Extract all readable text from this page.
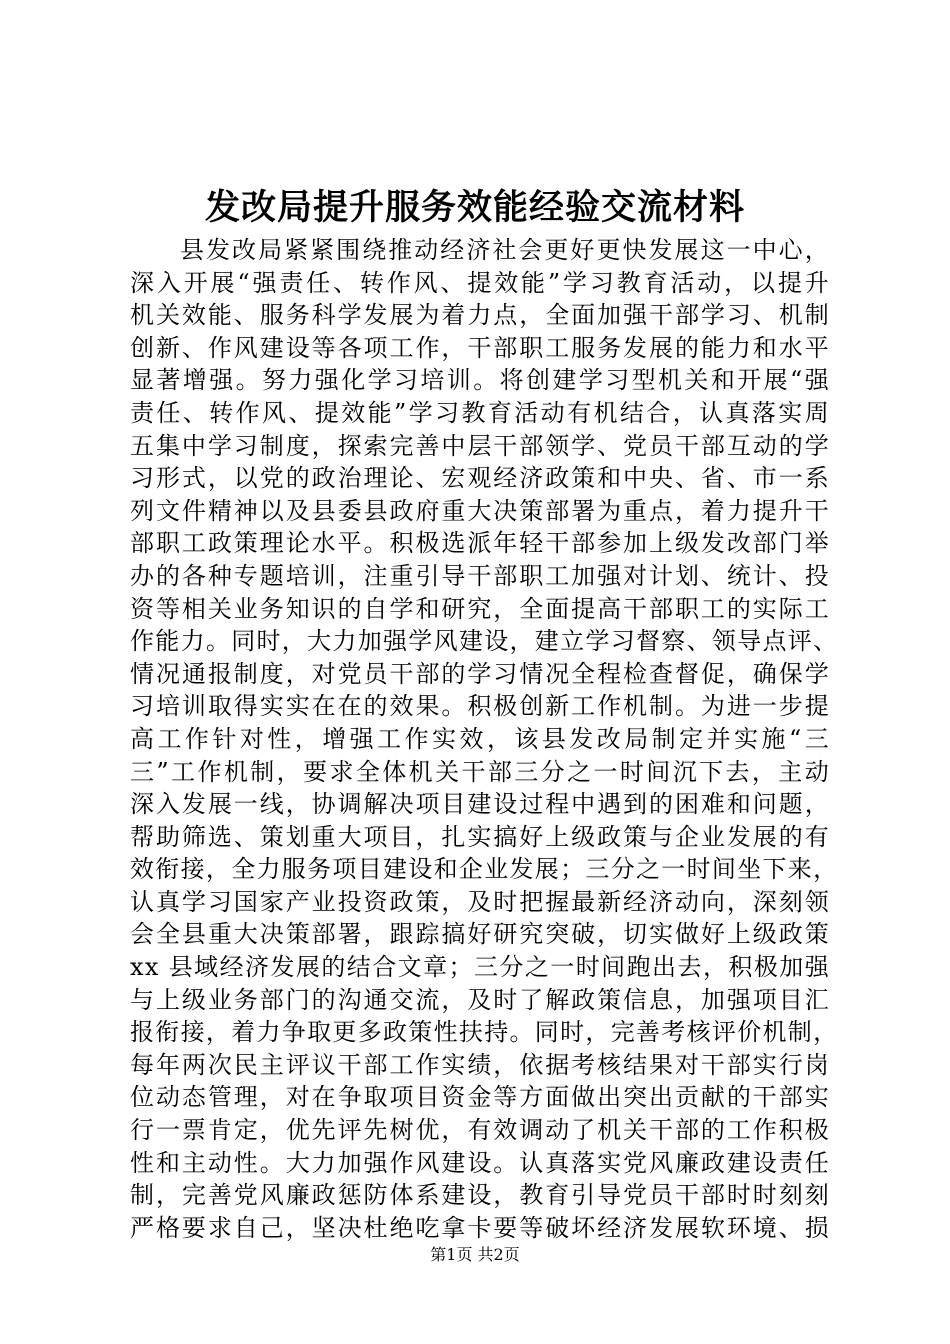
发改局提升服务效能经验交流材料
县发改局紧紧围绕推动经济社会更好更快发展这一中心，
深入开展“强责任、转作风、提效能”学习教育活动，以提升
机关效能、服务科学发展为着力点，全面加强干部学习、机制
创新、作风建设等各项工作，干部职工服务发展的能力和水平
显著增强。努力强化学习培训。将创建学习型机关和开展“强
责任、转作风、提效能”学习教育活动有机结合，认真落实周
五集中学习制度，探索完善中层干部领学、党员干部互动的学
习形式，以党的政治理论、宏观经济政策和中央、省、市一系
列文件精神以及县委县政府重大决策部署为重点，着力提升干
部职工政策理论水平。积极选派年轻干部参加上级发改部门举
办的各种专题培训，注重引导干部职工加强对计划、统计、投
资等相关业务知识的自学和研究，全面提高干部职工的实际工
作能力。同时，大力加强学风建设，建立学习督察、领导点评、
情况通报制度，对党员干部的学习情况全程检查督促，确保学
习培训取得实实在在的效果。积极创新工作机制。为进一步提
高工作针对性，增强工作实效，该县发改局制定并实施“三
三”工作机制，要求全体机关干部三分之一时间沉下去，主动
深入发展一线，协调解决项目建设过程中遇到的困难和问题，
帮助筛选、策划重大项目，扎实搞好上级政策与企业发展的有
效衔接，全力服务项目建设和企业发展；三分之一时间坐下来，
认真学习国家产业投资政策，及时把握最新经济动向，深刻领
会全县重大决策部署，跟踪搞好研究突破，切实做好上级政策
xx 县域经济发展的结合文章；三分之一时间跑出去，积极加强
与上级业务部门的沟通交流，及时了解政策信息，加强项目汇
报衔接，着力争取更多政策性扶持。同时，完善考核评价机制，
每年两次民主评议干部工作实绩，依据考核结果对干部实行岗
位动态管理，对在争取项目资金等方面做出突出贡献的干部实
行一票肯定，优先评先树优，有效调动了机关干部的工作积极
性和主动性。大力加强作风建设。认真落实党风廉政建设责任
制，完善党风廉政惩防体系建设，教育引导党员干部时时刻刻
严格要求自己，坚决杜绝吃拿卡要等破坏经济发展软环境、损
第1页 共2页
